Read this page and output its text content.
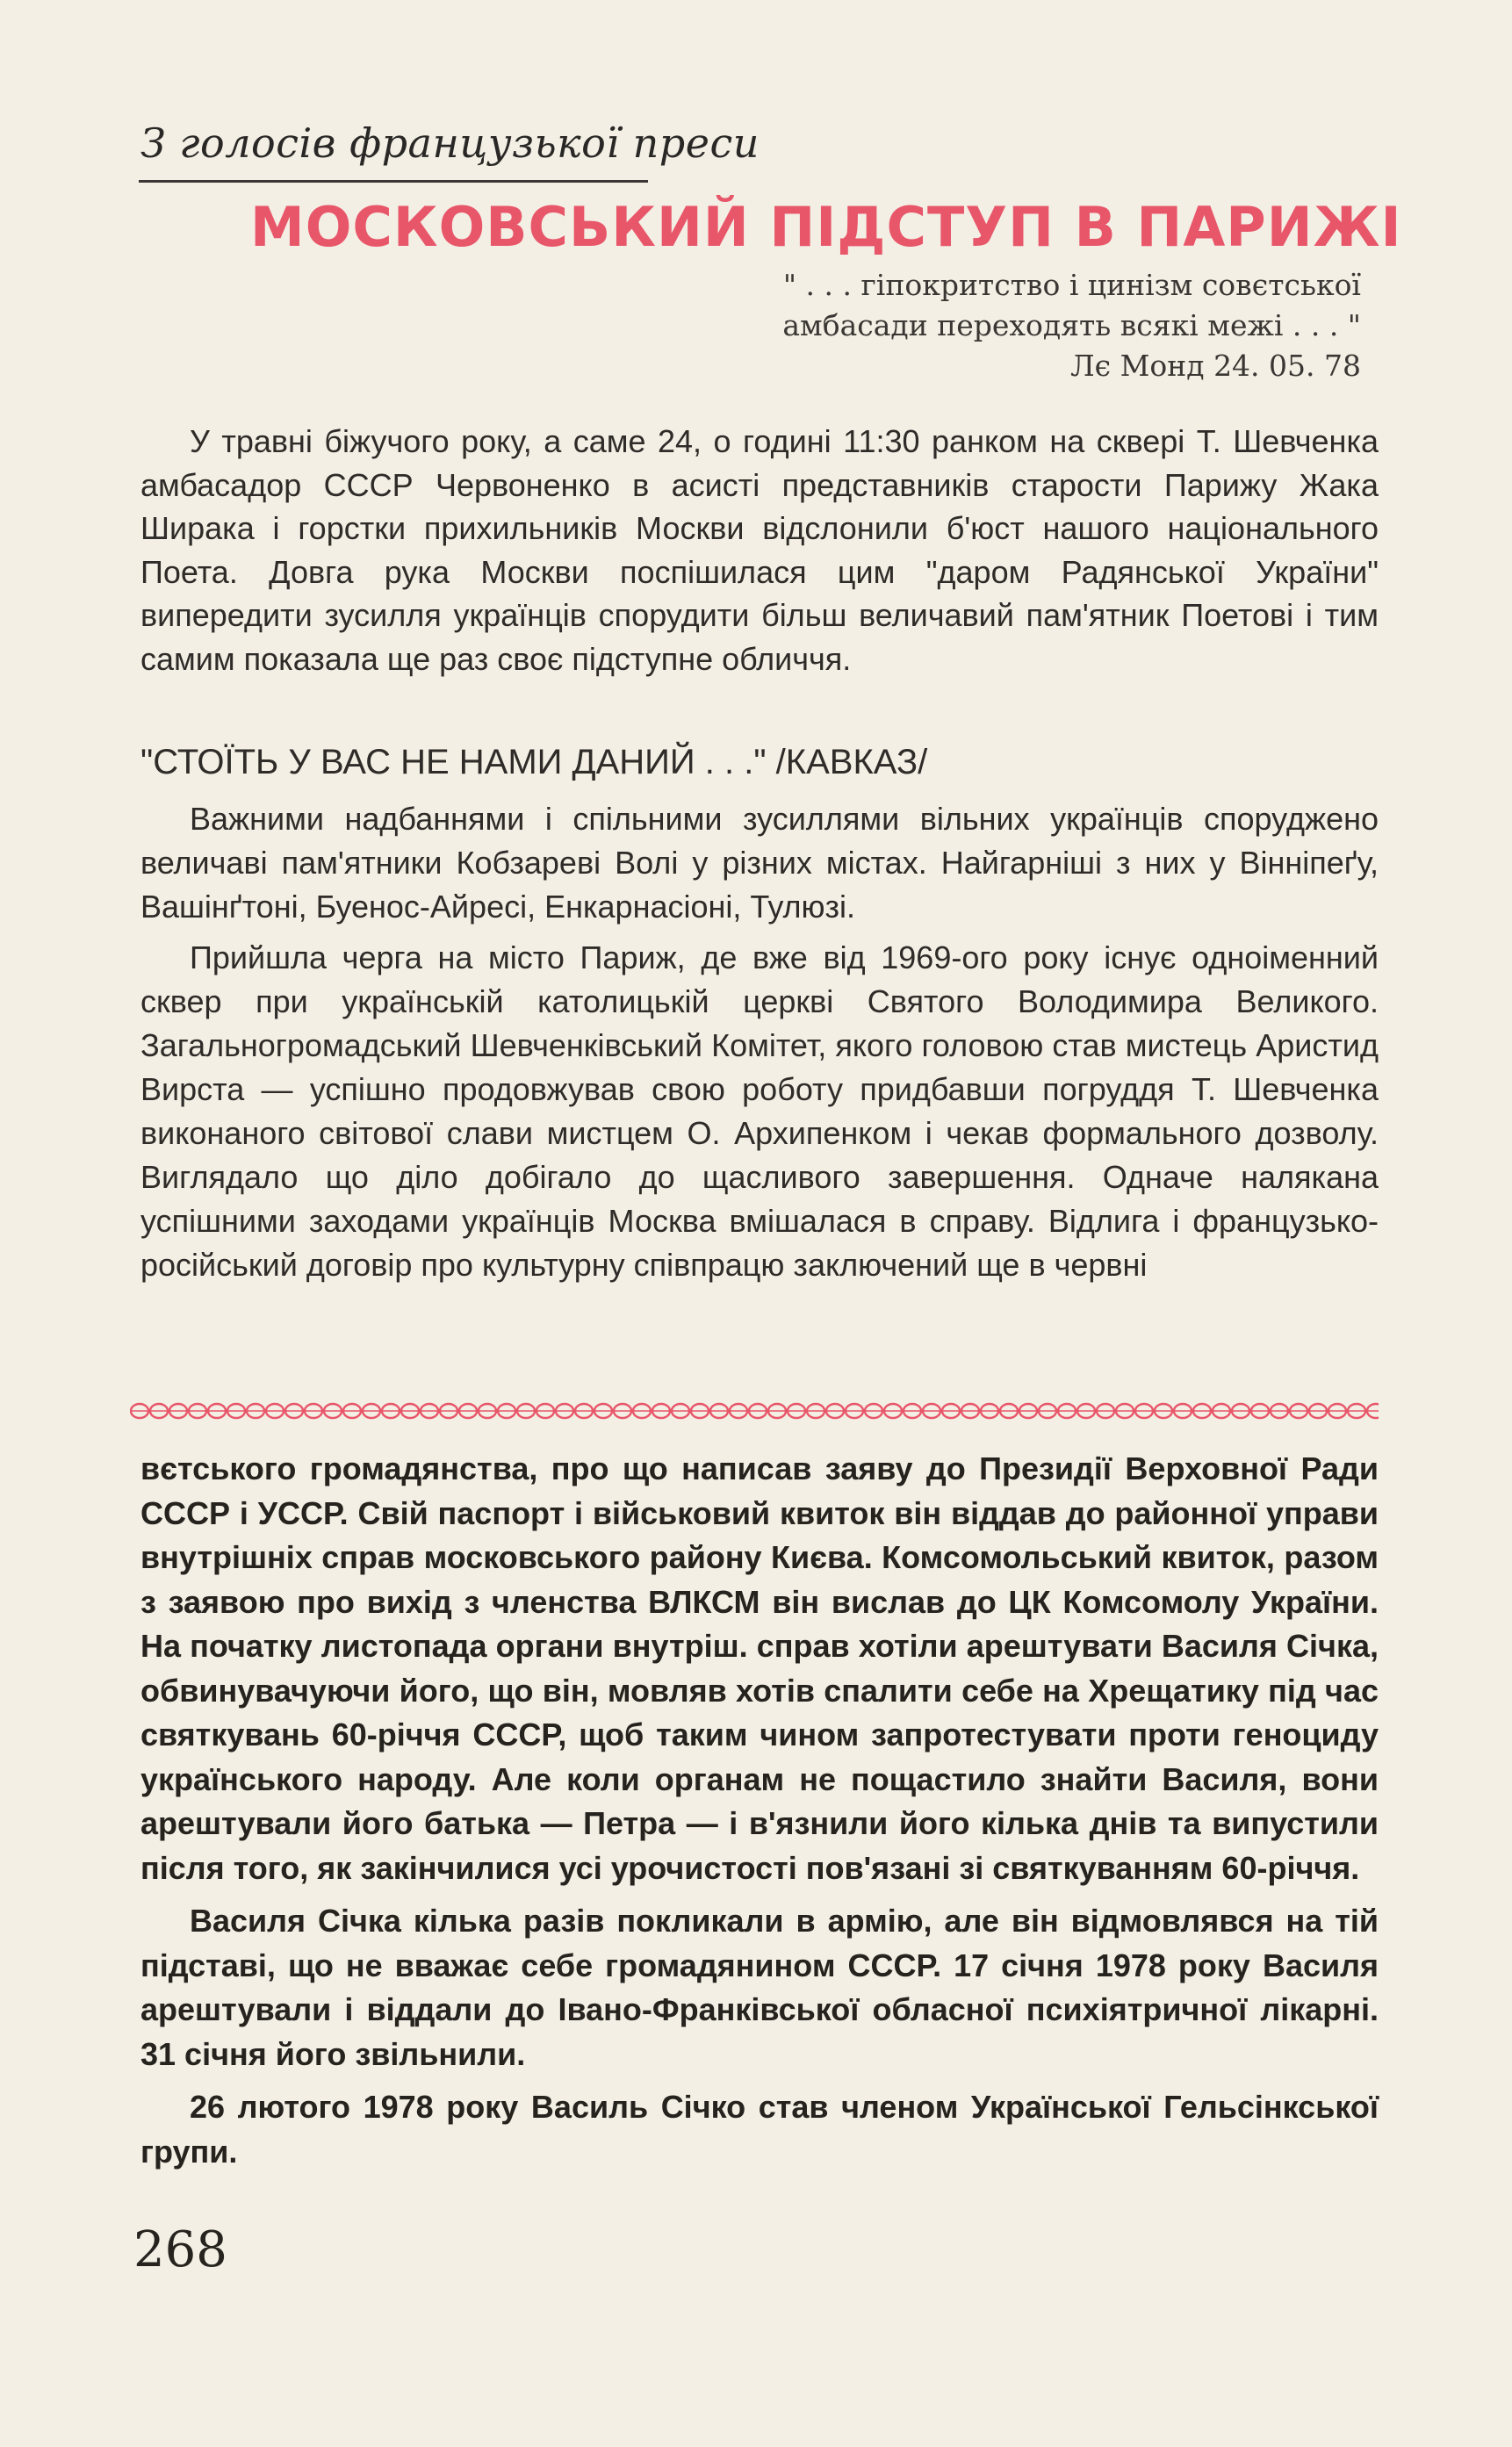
З голосів французької преси
МОСКОВСЬКИЙ ПІДСТУП В ПАРИЖІ
" . . . гіпокритство і цинізм совєтської
амбасади переходять всякі межі . . . "
Лє Монд 24. 05. 78

У травні біжучого року, а саме 24, о годині 11:30 ранком на сквері Т. Шевченка амбасадор СССР Червоненко в асисті представників старости Парижу Жака Ширака і горстки прихильників Москви відслонили б'юст нашого національного Поета. Довга рука Москви поспішилася цим "даром Радянської України" випередити зусилля українців спорудити більш величавий пам'ятник Поетові і тим самим показала ще раз своє підступне обличчя.

"СТОЇТЬ У ВАС НЕ НАМИ ДАНИЙ . . ." /КАВКАЗ/

Важними надбаннями і спільними зусиллями вільних українців споруджено величаві пам'ятники Кобзареві Волі у різних містах. Найгарніші з них у Вінніпеґу, Вашінґтоні, Буенос-Айресі, Енкарнасіоні, Тулюзі.

Прийшла черга на місто Париж, де вже від 1969-ого року існує одноіменний сквер при українській католицькій церкві Святого Володимира Великого. Загальногромадський Шевченківський Комітет, якого головою став мистець Аристид Вирста — успішно продовжував свою роботу придбавши погруддя Т. Шевченка виконаного світової слави мистцем О. Архипенком і чекав формального дозволу. Виглядало що діло добігало до щасливого завершення. Одначе налякана успішними заходами українців Москва вмішалася в справу. Відлига і французько-російський договір про культурну співпрацю заключений ще в червні

вєтського громадянства, про що написав заяву до Президії Верховної Ради СССР і УССР. Свій паспорт і військовий квиток він віддав до районної управи внутрішніх справ московського району Києва. Комсомольський квиток, разом з заявою про вихід з членства ВЛКСМ він вислав до ЦК Комсомолу України. На початку листопада органи внутріш. справ хотіли арештувати Василя Січка, обвинувачуючи його, що він, мовляв хотів спалити себе на Хрещатику під час святкувань 60-річчя СССР, щоб таким чином запротестувати проти геноциду українського народу. Але коли органам не пощастило знайти Василя, вони арештували його батька — Петра — і в'язнили його кілька днів та випустили після того, як закінчилися усі урочистості пов'язані зі святкуванням 60-річчя.

Василя Січка кілька разів покликали в армію, але він відмовлявся на тій підставі, що не вважає себе громадянином СССР. 17 січня 1978 року Василя арештували і віддали до Івано-Франківської обласної психіятричної лікарні. 31 січня його звільнили.

26 лютого 1978 року Василь Січко став членом Української Гельсінкської групи.

268
